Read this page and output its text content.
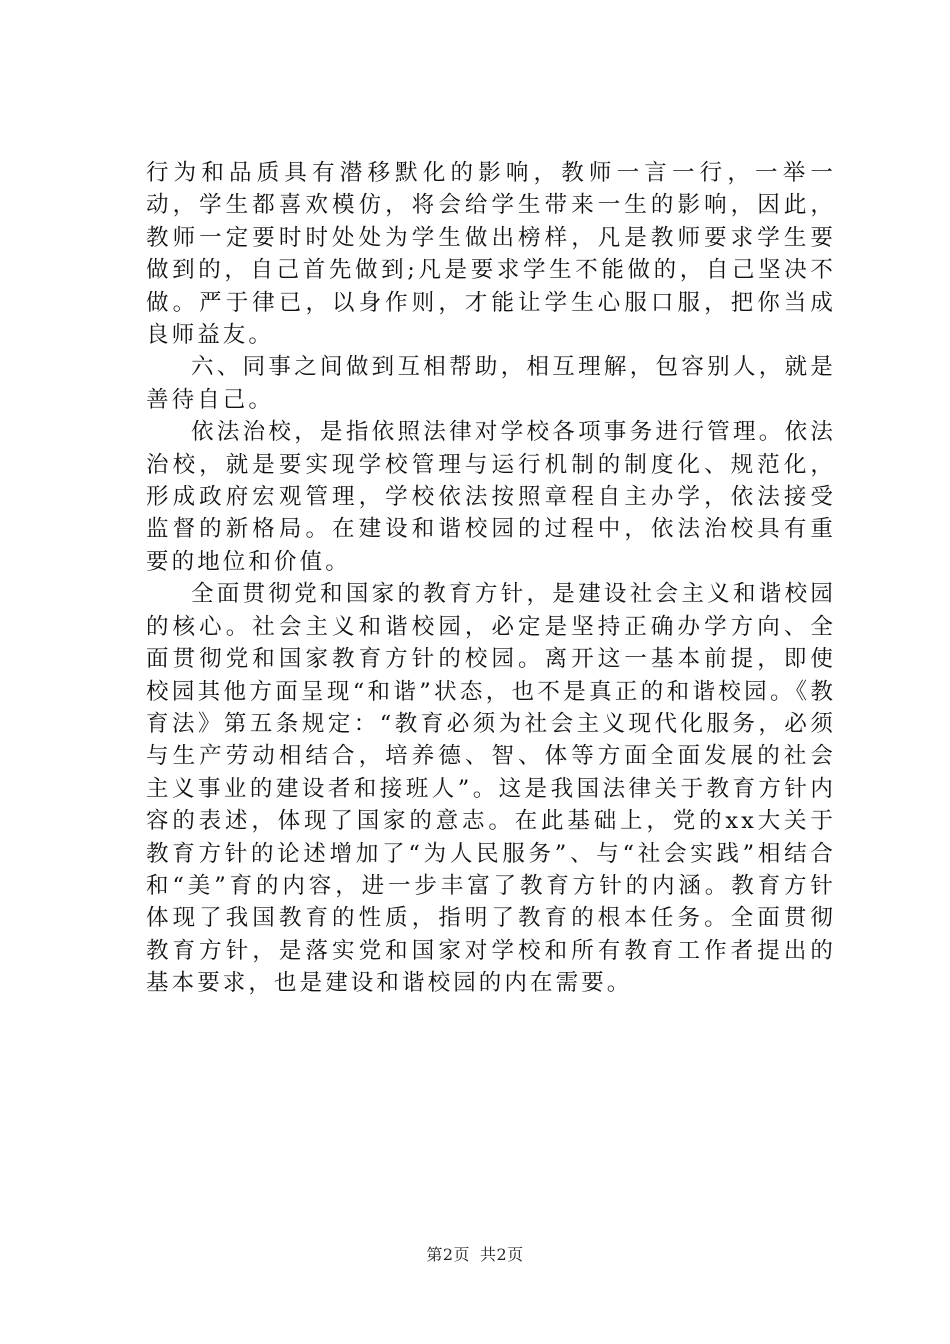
行为和品质具有潜移默化的影响，教师一言一行，一举一动，学生都喜欢模仿，将会给学生带来一生的影响，因此，教师一定要时时处处为学生做出榜样，凡是教师要求学生要做到的，自己首先做到;凡是要求学生不能做的，自己坚决不做。严于律已，以身作则，才能让学生心服口服，把你当成良师益友。

六、同事之间做到互相帮助，相互理解，包容别人，就是善待自己。

依法治校，是指依照法律对学校各项事务进行管理。依法治校，就是要实现学校管理与运行机制的制度化、规范化，形成政府宏观管理，学校依法按照章程自主办学，依法接受监督的新格局。在建设和谐校园的过程中，依法治校具有重要的地位和价值。

全面贯彻党和国家的教育方针，是建设社会主义和谐校园的核心。社会主义和谐校园，必定是坚持正确办学方向、全面贯彻党和国家教育方针的校园。离开这一基本前提，即使校园其他方面呈现“和谐”状态，也不是真正的和谐校园。《教育法》第五条规定：“教育必须为社会主义现代化服务，必须与生产劳动相结合，培养德、智、体等方面全面发展的社会主义事业的建设者和接班人”。这是我国法律关于教育方针内容的表述，体现了国家的意志。在此基础上，党的xx大关于教育方针的论述增加了“为人民服务”、与“社会实践”相结合和“美”育的内容，进一步丰富了教育方针的内涵。教育方针体现了我国教育的性质，指明了教育的根本任务。全面贯彻教育方针，是落实党和国家对学校和所有教育工作者提出的基本要求，也是建设和谐校园的内在需要。

第2页 共2页
